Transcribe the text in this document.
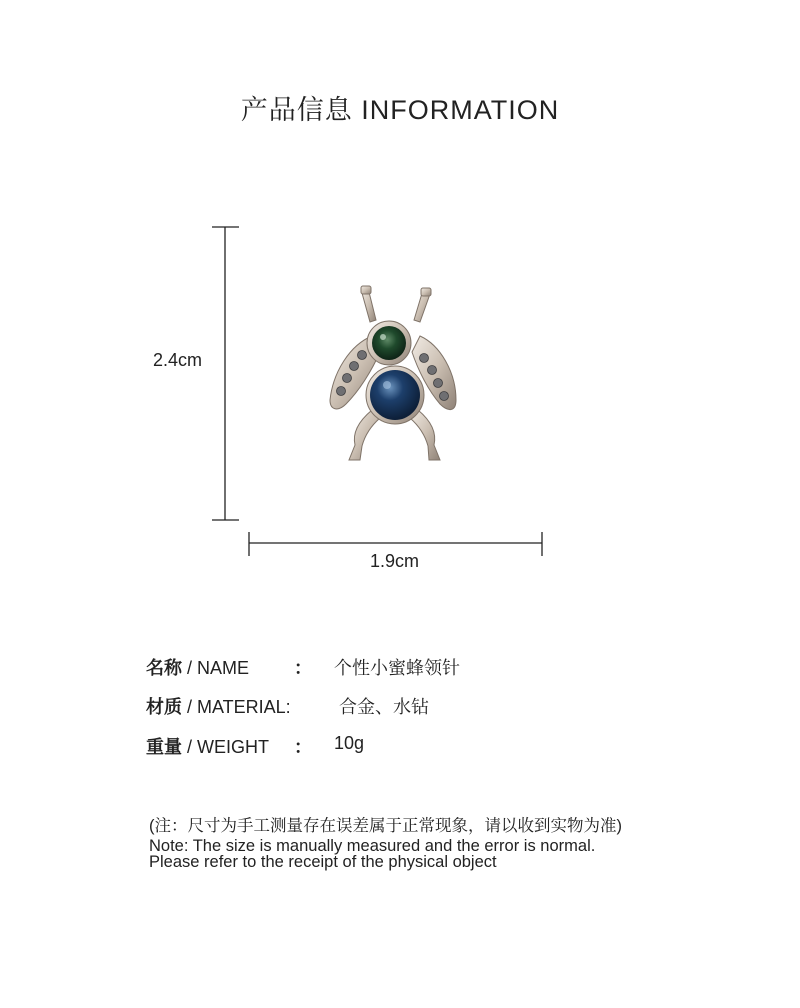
产品信息 INFORMATION
2.4cm
1.9cm
名称 / NAME ： 个性小蜜蜂领针
材质 / MATERIAL:	合金、水钻
重量 / WEIGHT ： 10g
(注：尺寸为手工测量存在误差属于正常现象，请以收到实物为准)
Note: The size is manually measured and the error is normal.
Please refer to the receipt of the physical object
